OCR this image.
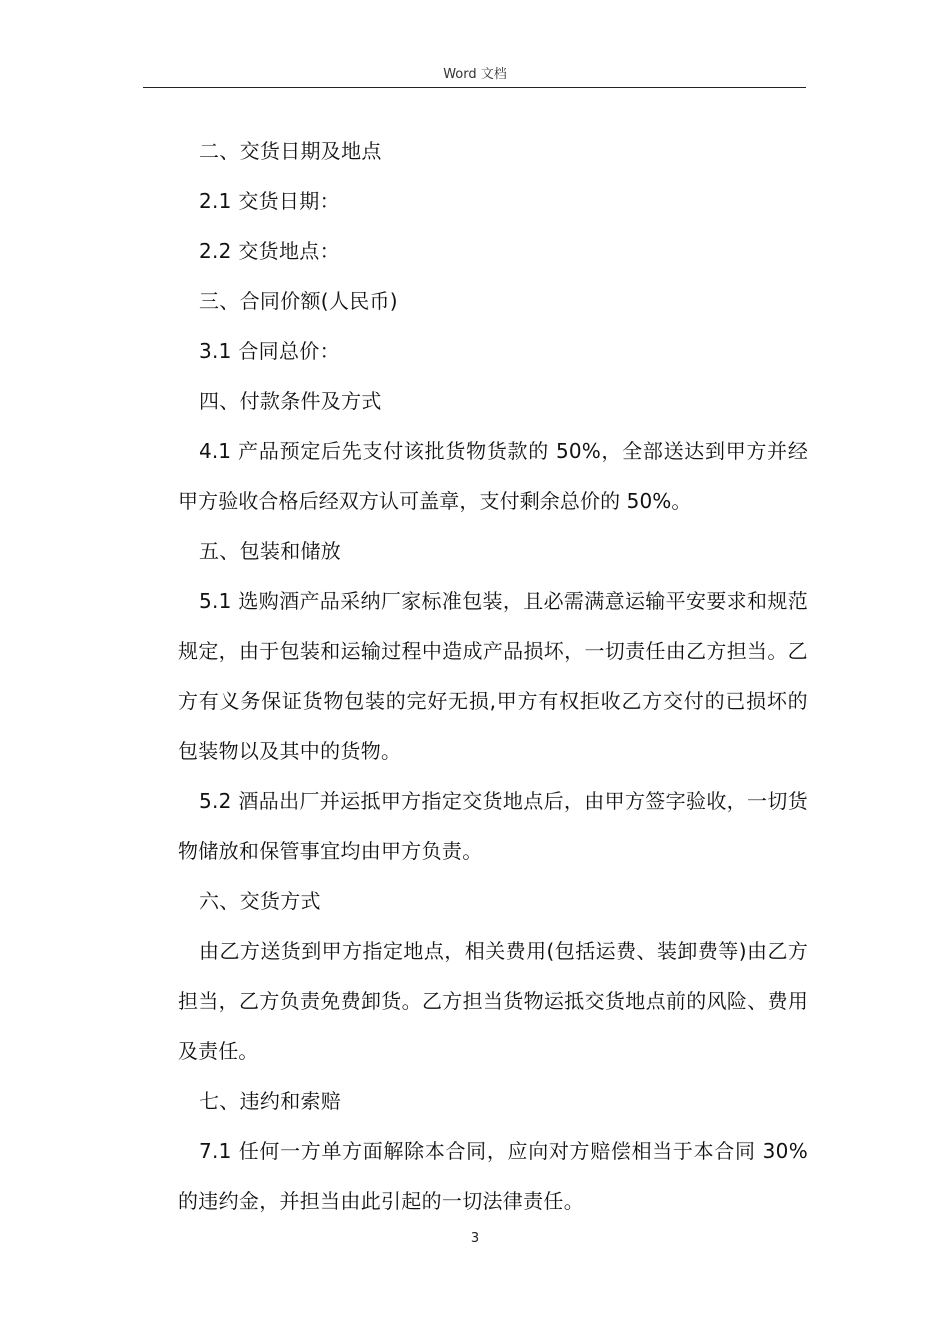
Word 文档

二、交货日期及地点

2.1 交货日期：

2.2 交货地点：

三、合同价额(人民币)

3.1 合同总价：

四、付款条件及方式

4.1 产品预定后先支付该批货物货款的 50%，全部送达到甲方并经甲方验收合格后经双方认可盖章，支付剩余总价的 50%。

五、包装和储放

5.1 选购酒产品采纳厂家标准包装，且必需满意运输平安要求和规范规定，由于包装和运输过程中造成产品损坏，一切责任由乙方担当。乙方有义务保证货物包装的完好无损,甲方有权拒收乙方交付的已损坏的包装物以及其中的货物。

5.2 酒品出厂并运抵甲方指定交货地点后，由甲方签字验收，一切货物储放和保管事宜均由甲方负责。

六、交货方式

由乙方送货到甲方指定地点，相关费用(包括运费、装卸费等)由乙方担当，乙方负责免费卸货。乙方担当货物运抵交货地点前的风险、费用及责任。

七、违约和索赔

7.1 任何一方单方面解除本合同，应向对方赔偿相当于本合同 30%的违约金，并担当由此引起的一切法律责任。

3
